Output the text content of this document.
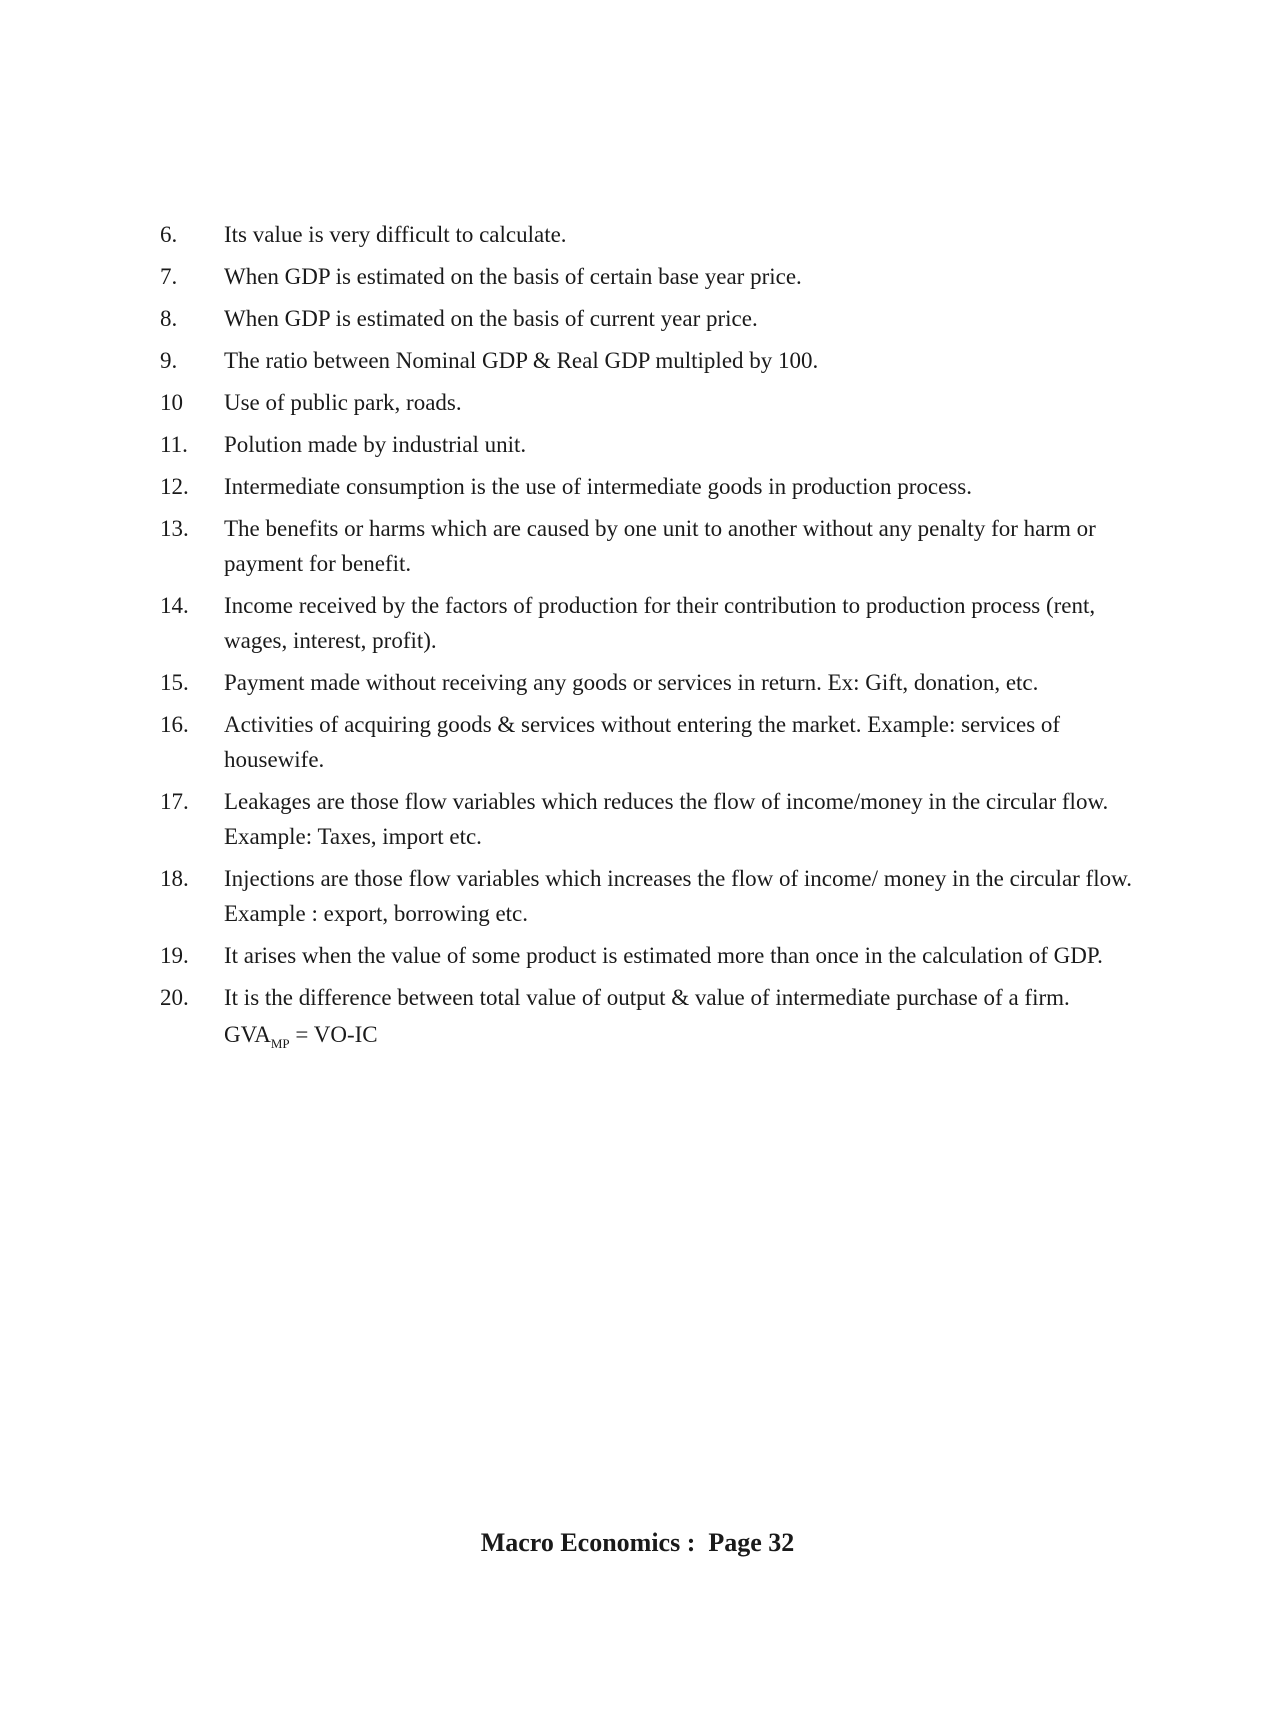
6.	Its value is very difficult to calculate.
7.	When GDP is estimated on the basis of certain base year price.
8.	When GDP is estimated on the basis of current year price.
9.	The ratio between Nominal GDP & Real GDP multipled by 100.
10	Use of public park, roads.
11.	Polution made by industrial unit.
12.	Intermediate consumption is the use of intermediate goods in production process.
13.	The benefits or harms which are caused by one unit to another without any penalty for harm or payment for benefit.
14.	Income received by the factors of production for their contribution to production process (rent, wages, interest, profit).
15.	Payment made without receiving any goods or services in return. Ex: Gift, donation, etc.
16.	Activities of acquiring goods & services without entering the market. Example: services of housewife.
17.	Leakages are those flow variables which reduces the flow of income/money in the circular flow. Example: Taxes, import etc.
18.	Injections are those flow variables which increases the flow of income/ money in the circular flow. Example : export, borrowing etc.
19.	It arises when the value of some product is estimated more than once in the calculation of GDP.
20.	It is the difference between total value of output & value of intermediate purchase of a firm.
$GVA_{MP} = VO-IC$
Macro Economics :  Page 32
